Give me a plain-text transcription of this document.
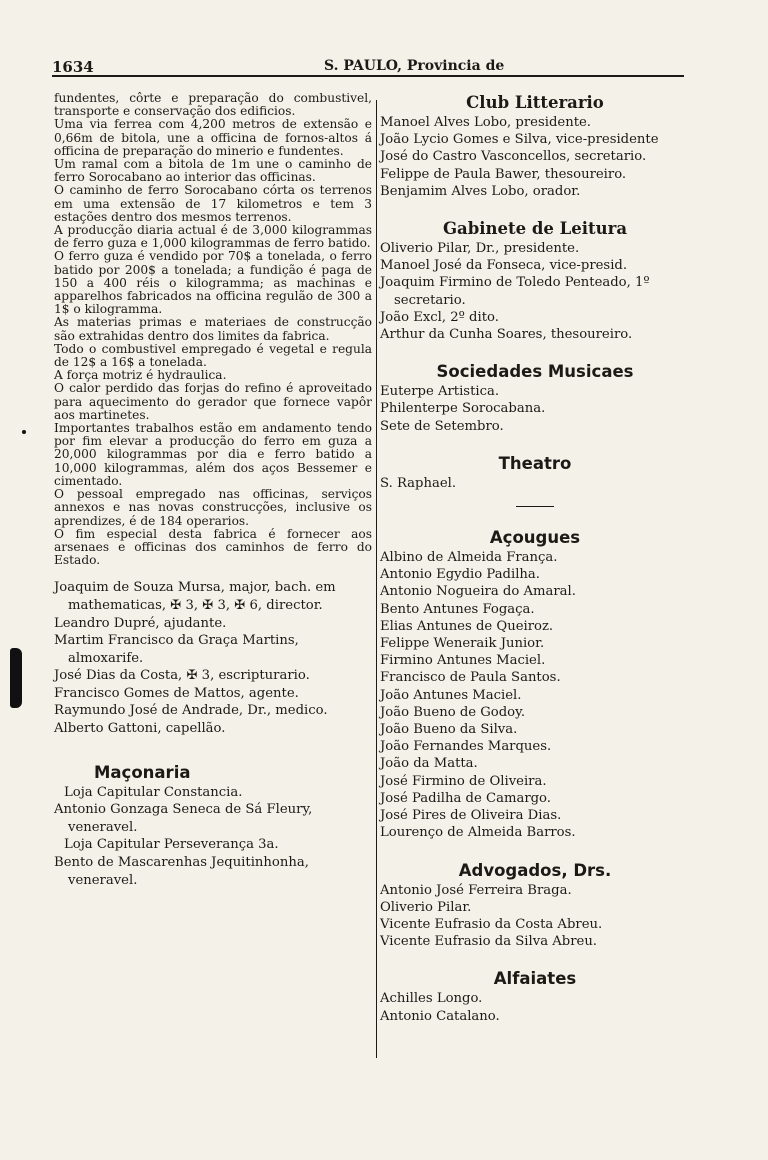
1634	S. PAULO, Provincia de

fundentes, côrte e preparação do combustivel, transporte e conservação dos edificios.

Uma via ferrea com 4,200 metros de extensão e 0,66m de bitola, une a officina de fornos-altos á officina de preparação do minerio e fundentes.

Um ramal com a bitola de 1m une o caminho de ferro Sorocabano ao interior das officinas.

O caminho de ferro Sorocabano córta os terrenos em uma extensão de 17 kilometros e tem 3 estações dentro dos mesmos terrenos.

A producção diaria actual é de 3,000 kilogrammas de ferro guza e 1,000 kilogrammas de ferro batido.

O ferro guza é vendido por 70$ a tonelada, o ferro batido por 200$ a tonelada; a fundição é paga de 150 a 400 réis o kilogramma; as machinas e apparelhos fabricados na officina regulão de 300 a 1$ o kilogramma.

As materias primas e materiaes de construcção são extrahidas dentro dos limites da fabrica.

Todo o combustivel empregado é vegetal e regula de 12$ a 16$ a tonelada.

A força motriz é hydraulica.

O calor perdido das forjas do refino é aproveitado para aquecimento do gerador que fornece vapôr aos martinetes.

Importantes trabalhos estão em andamento tendo por fim elevar a producção do ferro em guza a 20,000 kilogrammas por dia e ferro batido a 10,000 kilogrammas, além dos aços Bessemer e cimentado.

O pessoal empregado nas officinas, serviços annexos e nas novas construcções, inclusive os aprendizes, é de 184 operarios.

O fim especial desta fabrica é fornecer aos arsenaes e officinas dos caminhos de ferro do Estado.

Joaquim de Souza Mursa, major, bach. em mathematicas, ✠ 3, ✠ 3, ✠ 6, director.

Leandro Dupré, ajudante.

Martim Francisco da Graça Martins, almoxarife.

José Dias da Costa, ✠ 3, escripturario.

Francisco Gomes de Mattos, agente.

Raymundo José de Andrade, Dr., medico.

Alberto Gattoni, capellão.

Maçonaria

Loja Capitular Constancia.

Antonio Gonzaga Seneca de Sá Fleury, veneravel.

Loja Capitular Perseverança 3a.

Bento de Mascarenhas Jequitinhonha, veneravel.

Club Litterario

Manoel Alves Lobo, presidente.

João Lycio Gomes e Silva, vice-presidente

José do Castro Vasconcellos, secretario.

Felippe de Paula Bawer, thesoureiro.

Benjamim Alves Lobo, orador.

Gabinete de Leitura

Oliverio Pilar, Dr., presidente.

Manoel José da Fonseca, vice-presid.

Joaquim Firmino de Toledo Penteado, 1º secretario.

João Excl, 2º dito.

Arthur da Cunha Soares, thesoureiro.

Sociedades Musicaes

Euterpe Artistica.

Philenterpe Sorocabana.

Sete de Setembro.

Theatro

S. Raphael.

Açougues

Albino de Almeida França.

Antonio Egydio Padilha.

Antonio Nogueira do Amaral.

Bento Antunes Fogaça.

Elias Antunes de Queiroz.

Felippe Weneraik Junior.

Firmino Antunes Maciel.

Francisco de Paula Santos.

João Antunes Maciel.

João Bueno de Godoy.

João Bueno da Silva.

João Fernandes Marques.

João da Matta.

José Firmino de Oliveira.

José Padilha de Camargo.

José Pires de Oliveira Dias.

Lourenço de Almeida Barros.

Advogados, Drs.

Antonio José Ferreira Braga.

Oliverio Pilar.

Vicente Eufrasio da Costa Abreu.

Vicente Eufrasio da Silva Abreu.

Alfaiates

Achilles Longo.

Antonio Catalano.
